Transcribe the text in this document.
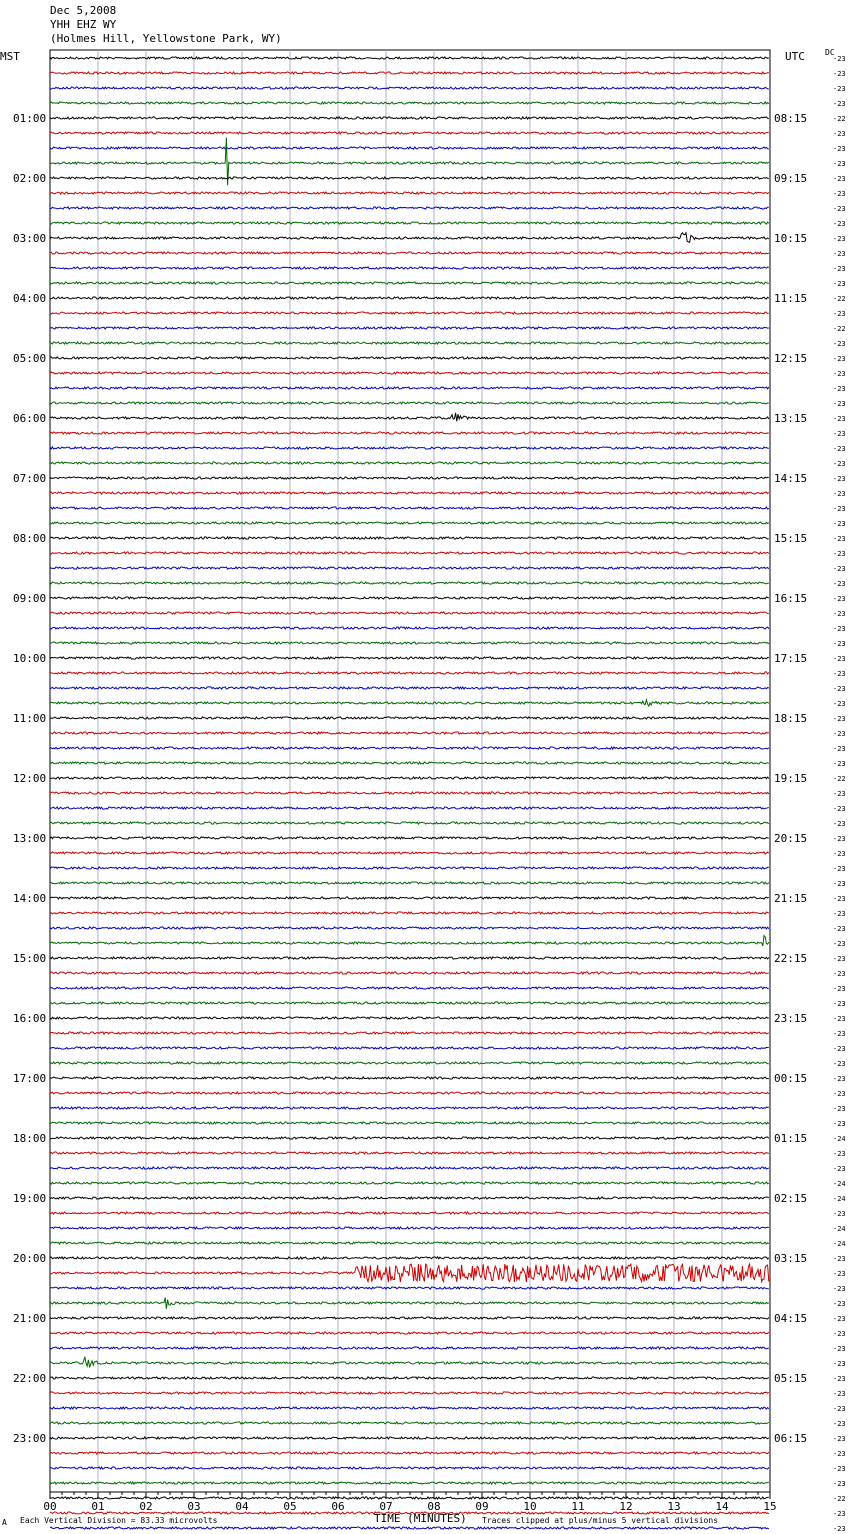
Dec 5,2008
YHH EHZ WY
(Holmes Hill, Yellowstone Park, WY)
MST	UTC	DC
-23
-23
-23
-23
-22
-23
-23
-23
-23
-23
-23
-23
-23
-23
-23
-23
-22
-23
-22
-23
-23
-23
-23
-23
-23
-23
-23
-23
-23
-23
-23
-23
-23
-23
-23
-23
-23
-23
-23
-23
-23
-23
-23
-23
-23
-23
-23
-23
-22
-23
-23
-23
-23
-23
-23
-23
-23
-23
-23
-23
-23
-23
-23
-23
-23
-23
-23
-23
-23
-23
-23
-23
-24
-23
-23
-24
-24
-23
-24
-24
-23
-23
-23
-23
-23
-23
-23
-23
-23
-23
-23
-23
-23
-23
-23
-23
-22
-23
-23
01:00	08:15
02:00	09:15
03:00	10:15
04:00	11:15
05:00	12:15
06:00	13:15
07:00	14:15
08:00	15:15
09:00	16:15
10:00	17:15
11:00	18:15
12:00	19:15
13:00	20:15
14:00	21:15
15:00	22:15
16:00	23:15
17:00	00:15
18:00	01:15
19:00	02:15
20:00	03:15
21:00	04:15
22:00	05:15
23:00	06:15
00	01	02	03	04	05	06	07	08	09	10	11	12	13	14	15
A Each Vertical Division = 83.33 microvolts	TIME (MINUTES) Traces clipped at plus/minus 5 vertical divisions
